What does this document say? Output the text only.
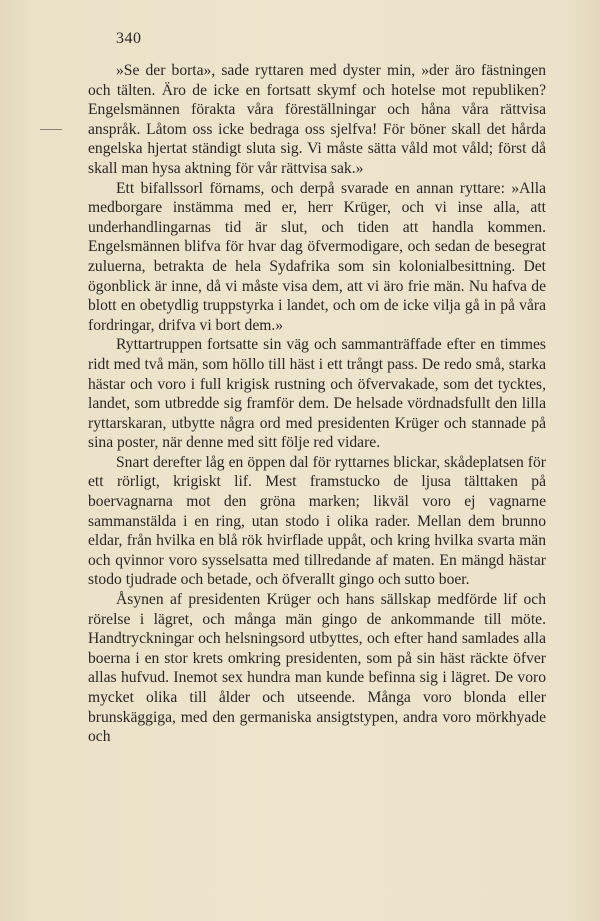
340

»Se der borta», sade ryttaren med dyster min, »der äro fästningen och tälten. Äro de icke en fortsatt skymf och hotelse mot republiken? Engelsmännen förakta våra föreställningar och håna våra rättvisa anspråk. Låtom oss icke bedraga oss sjelfva! För böner skall det hårda engelska hjertat ständigt sluta sig. Vi måste sätta våld mot våld; först då skall man hysa aktning för vår rättvisa sak.»

Ett bifallssorl förnams, och derpå svarade en annan ryttare: »Alla medborgare instämma med er, herr Krüger, och vi inse alla, att underhandlingarnas tid är slut, och tiden att handla kommen. Engelsmännen blifva för hvar dag öfvermodigare, och sedan de besegrat zuluerna, betrakta de hela Sydafrika som sin kolonialbesittning. Det ögonblick är inne, då vi måste visa dem, att vi äro frie män. Nu hafva de blott en obetydlig truppstyrka i landet, och om de icke vilja gå in på våra fordringar, drifva vi bort dem.»

Ryttartruppen fortsatte sin väg och sammanträffade efter en timmes ridt med två män, som höllo till häst i ett trångt pass. De redo små, starka hästar och voro i full krigisk rustning och öfvervakade, som det tycktes, landet, som utbredde sig framför dem. De helsade vördnadsfullt den lilla ryttarskaran, utbytte några ord med presidenten Krüger och stannade på sina poster, när denne med sitt följe red vidare.

Snart derefter låg en öppen dal för ryttarnes blickar, skådeplatsen för ett rörligt, krigiskt lif. Mest framstucko de ljusa tälttaken på boervagnarna mot den gröna marken; likväl voro ej vagnarne sammanstälda i en ring, utan stodo i olika rader. Mellan dem brunno eldar, från hvilka en blå rök hvirflade uppåt, och kring hvilka svarta män och qvinnor voro sysselsatta med tillredande af maten. En mängd hästar stodo tjudrade och betade, och öfverallt gingo och sutto boer.

Åsynen af presidenten Krüger och hans sällskap medförde lif och rörelse i lägret, och många män gingo de ankommande till möte. Handtryckningar och helsningsord utbyttes, och efter hand samlades alla boerna i en stor krets omkring presidenten, som på sin häst räckte öfver allas hufvud. Inemot sex hundra man kunde befinna sig i lägret. De voro mycket olika till ålder och utseende. Många voro blonda eller brunskäggiga, med den germaniska ansigtstypen, andra voro mörkhyade och
